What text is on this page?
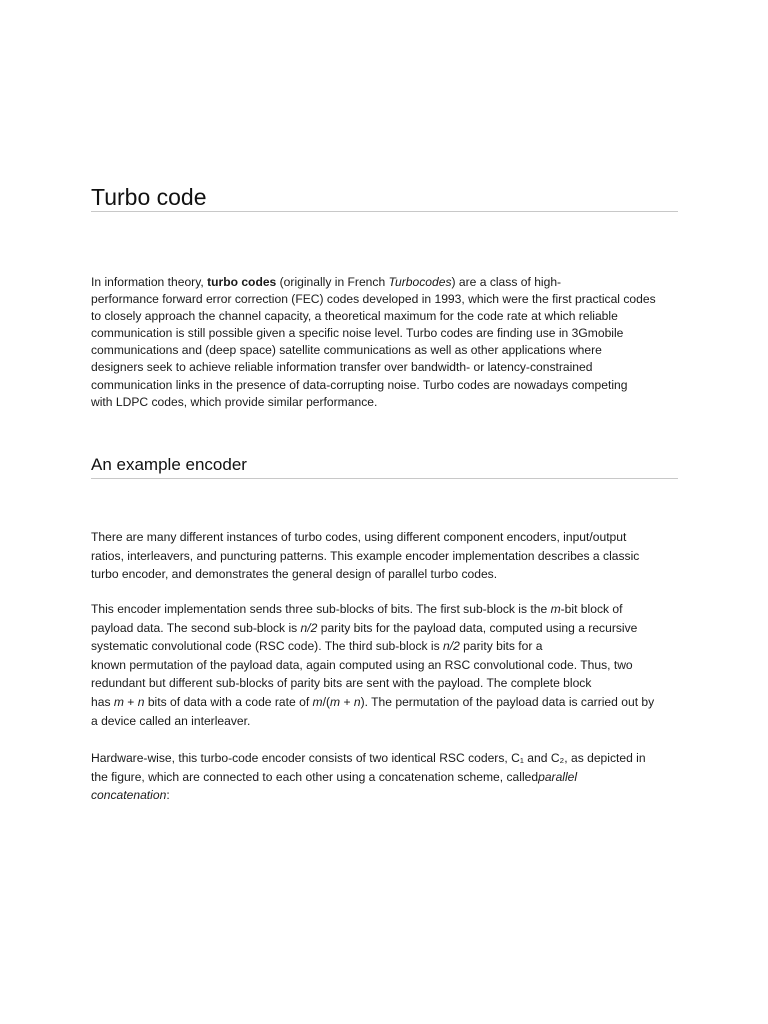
Turbo code

In information theory, turbo codes (originally in French Turbocodes) are a class of high-
performance forward error correction (FEC) codes developed in 1993, which were the first practical codes
to closely approach the channel capacity, a theoretical maximum for the code rate at which reliable
communication is still possible given a specific noise level. Turbo codes are finding use in 3Gmobile
communications and (deep space) satellite communications as well as other applications where
designers seek to achieve reliable information transfer over bandwidth- or latency-constrained
communication links in the presence of data-corrupting noise. Turbo codes are nowadays competing
with LDPC codes, which provide similar performance.

An example encoder

There are many different instances of turbo codes, using different component encoders, input/output
ratios, interleavers, and puncturing patterns. This example encoder implementation describes a classic
turbo encoder, and demonstrates the general design of parallel turbo codes.

This encoder implementation sends three sub-blocks of bits. The first sub-block is the m-bit block of
payload data. The second sub-block is n/2 parity bits for the payload data, computed using a recursive
systematic convolutional code (RSC code). The third sub-block is n/2 parity bits for a
known permutation of the payload data, again computed using an RSC convolutional code. Thus, two
redundant but different sub-blocks of parity bits are sent with the payload. The complete block
has m + n bits of data with a code rate of m/(m + n). The permutation of the payload data is carried out by
a device called an interleaver.

Hardware-wise, this turbo-code encoder consists of two identical RSC coders, C₁ and C₂, as depicted in
the figure, which are connected to each other using a concatenation scheme, calledparallel
concatenation:
